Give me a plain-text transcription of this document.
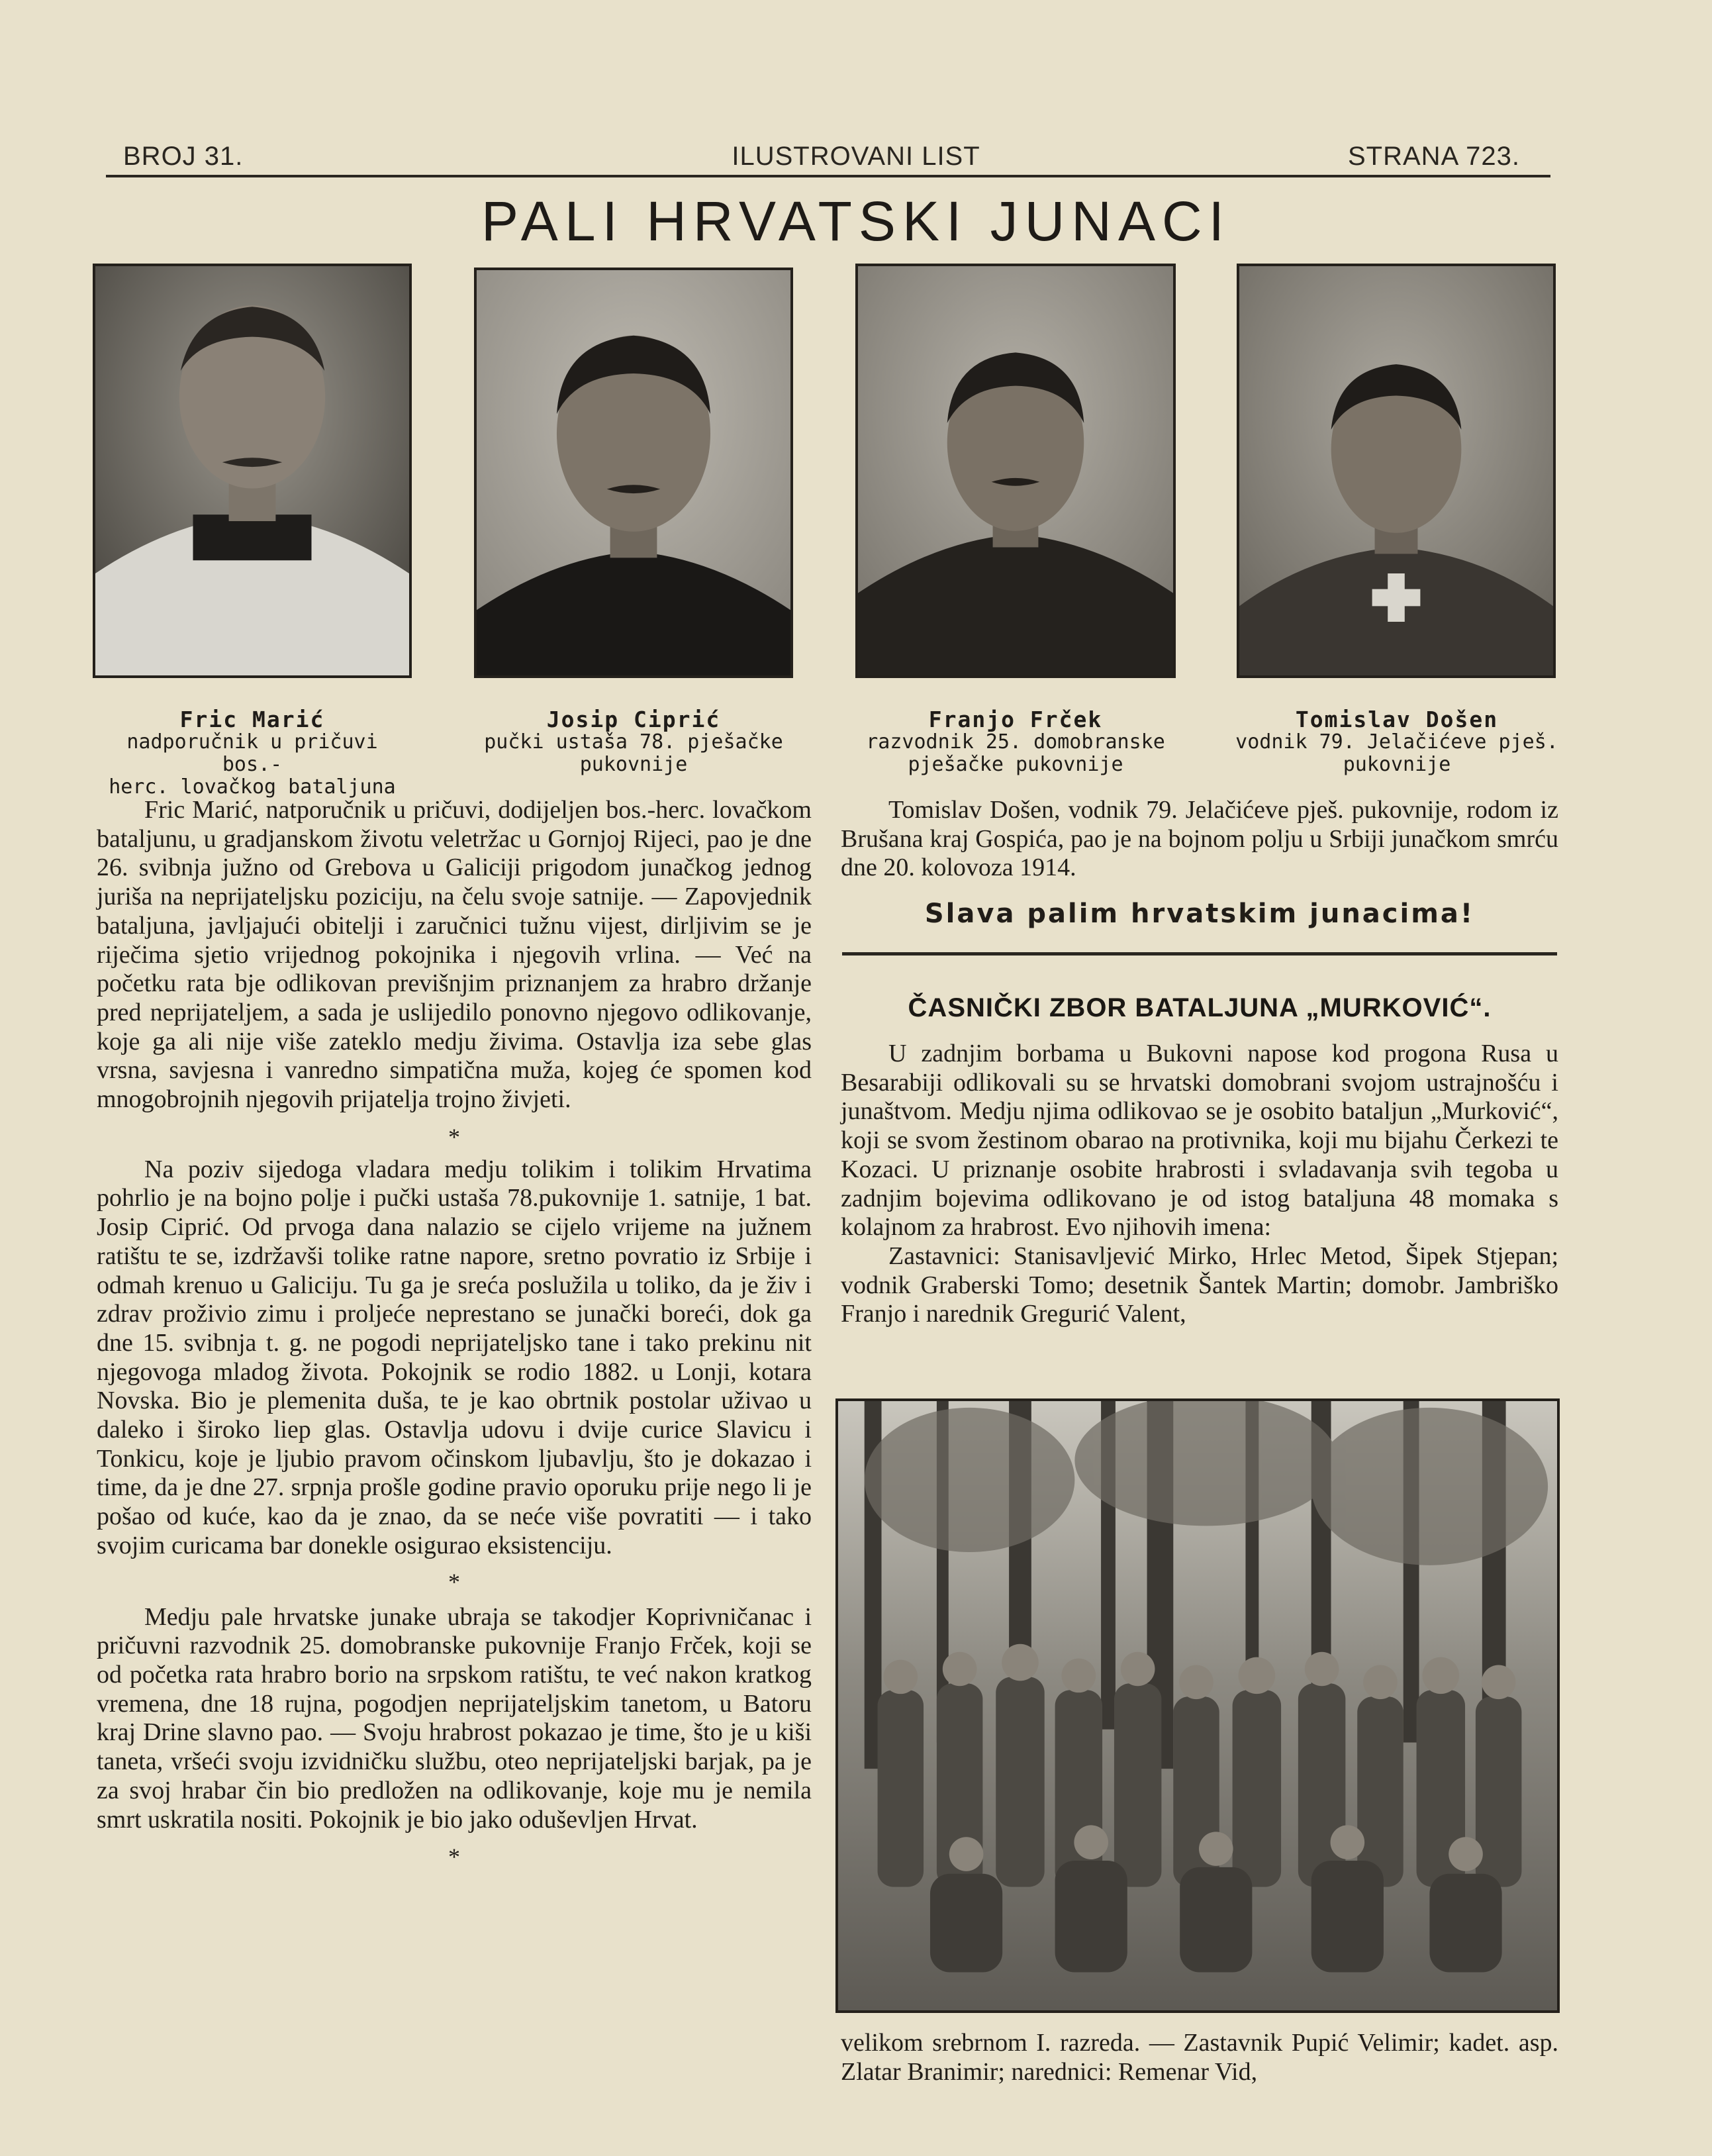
BROJ 31.	ILUSTROVANI LIST	STRANA 723.
PALI HRVATSKI JUNACI
Fric Marić
nadporučnik u pričuvi bos.-
herc. lovačkog bataljuna
Josip Ciprić
pučki ustaša 78. pješačke
pukovnije
Franjo Frček
razvodnik 25. domobranske
pješačke pukovnije
Tomislav Došen
vodnik 79. Jelačićeve pješ.
pukovnije

Fric Marić, natporučnik u pričuvi, dodijeljen bos.-herc. lovačkom bataljunu, u gradjanskom životu veletržac u Gornjoj Rijeci, pao je dne 26. svibnja južno od Grebova u Galiciji prigodom junačkog jednog jurišа na neprijateljsku poziciju, na čelu svoje satnije. — Zapovjednik bataljuna, javljajući obitelji i zaručnici tužnu vijest, dirljivim se je riječima sjetio vrijednog pokojnika i njegovih vrlina. — Već na početku rata bje odlikovan previšnjim priznanjem za hrabro držanje pred neprijateljem, a sada je uslijedilo ponovno njegovo odlikovanje, koje ga ali nije više zateklo medju živima. Ostavlja iza sebe glas vrsna, savjesna i vanredno simpatična muža, kojeg će spomen kod mnogobrojnih njegovih prijatelja trojno živjeti.

*

Na poziv sijedoga vladara medju tolikim i tolikim Hrvatima pohrlio je na bojno polje i pučki ustaša 78.pukovnije 1. satnije, 1 bat. Josip Ciprić. Od prvoga dana nalazio se cijelo vrijeme na južnem ratištu te se, izdržavši tolike ratne napore, sretno povratio iz Srbije i odmah krenuo u Galiciju. Tu ga je sreća poslužila u toliko, da je živ i zdrav proživio zimu i proljeće neprestano se junački boreći, dok ga dne 15. svibnja t. g. ne pogodi neprijateljsko tane i tako prekinu nit njegovoga mladog života. Pokojnik se rodio 1882. u Lonji, kotara Novska. Bio je plemenita duša, te je kao obrtnik postolar uživao u daleko i široko liep glas. Ostavlja udovu i dvije curice Slavicu i Tonkicu, koje je ljubio pravom očinskom ljubavlju, što je dokazao i time, da je dne 27. srpnja prošle godine pravio oporuku prije nego li je pošao od kuće, kao da je znao, da se neće više povratiti — i tako svojim curicama bar donekle osigurao eksistenciju.

*

Medju pale hrvatske junake ubraja se takodjer Koprivničanac i pričuvni razvodnik 25. domobranske pukovnije Franjo Frček, koji se od početka rata hrabro borio na srpskom ratištu, te već nakon kratkog vremena, dne 18 rujna, pogodjen neprijateljskim tanetom, u Batoru kraj Drine slavno pao. — Svoju hrabrost pokazao je time, što je u kiši taneta, vršeći svoju izvidničku službu, oteo neprijateljski barjak, pa je za svoj hrabar čin bio predložen na odlikovanje, koje mu je nemila smrt uskratila nositi. Pokojnik je bio jako oduševljen Hrvat.

*

Tomislav Došen, vodnik 79. Jelačićeve pješ. pukovnije, rodom iz Brušana kraj Gospića, pao je na bojnom polju u Srbiji junačkom smrću dne 20. kolovoza 1914.

Slava palim hrvatskim junacima!
ČASNIČKI ZBOR BATALJUNA „MURKOVIĆ“.

U zadnjim borbama u Bukovni napose kod progona Rusa u Besarabiji odlikovali su se hrvatski domobrani svojom ustrajnošću i junaštvom. Medju njima odlikovao se je osobito bataljun „Murković“, koji se svom žestinom obarao na protivnika, koji mu bijahu Čerkezi te Kozaci. U priznanje osobite hrabrosti i svladavanja svih tegoba u zadnjim bojevima odlikovano je od istog bataljuna 48 momaka s kolajnom za hrabrost. Evo njihovih imena:

Zastavnici: Stanisavljević Mirko, Hrlec Metod, Šipek Stjepan; vodnik Graberski Tomo; desetnik Šantek Martin; domobr. Jambriško Franjo i narednik Gregurić Valent,

velikom srebrnom I. razreda. — Zastavnik Pupić Velimir; kadet. asp. Zlatar Branimir; narednici: Remenar Vid,
